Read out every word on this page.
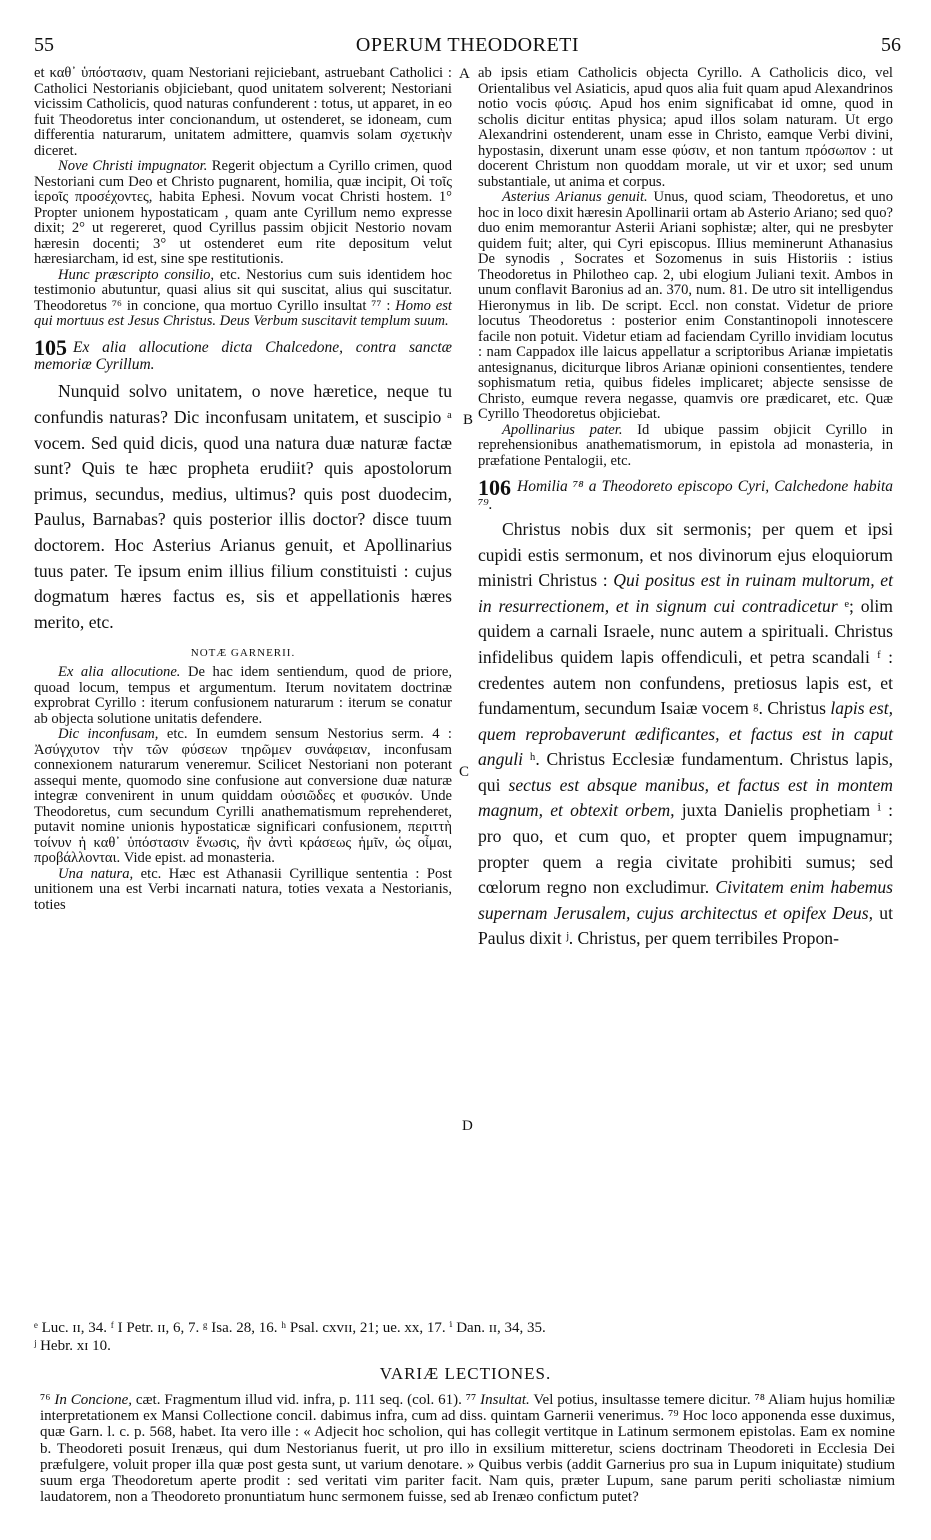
55	OPERUM THEODORETI	56
A
B
C
D

et καθ᾽ ὑπόστασιν, quam Nestoriani rejiciebant, astruebant Catholici : Catholici Nestorianis objiciebant, quod unitatem solverent; Nestoriani vicissim Catholicis, quod naturas confunderent : totus, ut apparet, in eo fuit Theodoretus inter concionandum, ut ostenderet, se idoneam, cum differentia naturarum, unitatem admittere, quamvis solam σχετικὴν diceret.

Nove Christi impugnator. Regerit objectum a Cyrillo crimen, quod Nestoriani cum Deo et Christo pugnarent, homilia, quæ incipit, Οἱ τοῖς ἱεροῖς προσέχοντες, habita Ephesi. Novum vocat Christi hostem. 1° Propter unionem hypostaticam , quam ante Cyrillum nemo expresse dixit; 2° ut regereret, quod Cyrillus passim objicit Nestorio novam hæresin docenti; 3° ut ostenderet eum rite depositum velut hæresiarcham, id est, sine spe restitutionis.

Hunc præscripto consilio, etc. Nestorius cum suis identidem hoc testimonio abutuntur, quasi alius sit qui suscitat, alius qui suscitatur. Theodoretus ⁷⁶ in concione, qua mortuo Cyrillo insultat ⁷⁷ : Homo est qui mortuus est Jesus Christus. Deus Verbum suscitavit templum suum.

105 Ex alia allocutione dicta Chalcedone, contra sanctæ memoriæ Cyrillum.
Nunquid solvo unitatem, o nove hæretice, neque tu confundis naturas? Dic inconfusam unitatem, et suscipio ᵃ vocem. Sed quid dicis, quod una natura duæ naturæ factæ sunt? Quis te hæc propheta erudiit? quis apostolorum primus, secundus, medius, ultimus? quis post duodecim, Paulus, Barnabas? quis posterior illis doctor? disce tuum doctorem. Hoc Asterius Arianus genuit, et Apollinarius tuus pater. Te ipsum enim illius filium constituisti : cujus dogmatum hæres factus es, sis et appellationis hæres merito, etc.
NOTÆ GARNERII.

Ex alia allocutione. De hac idem sentiendum, quod de priore, quoad locum, tempus et argumentum. Iterum novitatem doctrinæ exprobrat Cyrillo : iterum confusionem naturarum : iterum se conatur ab objecta solutione unitatis defendere.

Dic inconfusam, etc. In eumdem sensum Nestorius serm. 4 : Ἀσύγχυτον τὴν τῶν φύσεων τηρῶμεν συνάφειαν, inconfusam connexionem naturarum veneremur. Scilicet Nestoriani non poterant assequi mente, quomodo sine confusione aut conversione duæ naturæ integræ convenirent in unum quiddam οὐσιῶδες et φυσικόν. Unde Theodoretus, cum secundum Cyrilli anathematismum reprehenderet, putavit nomine unionis hypostaticæ significari confusionem, περιττὴ τοίνυν ἡ καθ᾽ ὑπόστασιν ἕνωσις, ἣν ἀντὶ κράσεως ἡμῖν, ὡς οἶμαι, προβάλλονται. Vide epist. ad monasteria.

Una natura, etc. Hæc est Athanasii Cyrillique sententia : Post unitionem una est Verbi incarnati natura, toties vexata a Nestorianis, toties

ab ipsis etiam Catholicis objecta Cyrillo. A Catholicis dico, vel Orientalibus vel Asiaticis, apud quos alia fuit quam apud Alexandrinos notio vocis φύσις. Apud hos enim significabat id omne, quod in scholis dicitur entitas physica; apud illos solam naturam. Ut ergo Alexandrini ostenderent, unam esse in Christo, eamque Verbi divini, hypostasin, dixerunt unam esse φύσιν, et non tantum πρόσωπον : ut docerent Christum non quoddam morale, ut vir et uxor; sed unum substantiale, ut anima et corpus.

Asterius Arianus genuit. Unus, quod sciam, Theodoretus, et uno hoc in loco dixit hæresin Apollinarii ortam ab Asterio Ariano; sed quo? duo enim memorantur Asterii Ariani sophistæ; alter, qui ne presbyter quidem fuit; alter, qui Cyri episcopus. Illius meminerunt Athanasius De synodis , Socrates et Sozomenus in suis Historiis : istius Theodoretus in Philotheo cap. 2, ubi elogium Juliani texit. Ambos in unum conflavit Baronius ad an. 370, num. 81. De utro sit intelligendus Hieronymus in lib. De script. Eccl. non constat. Videtur de priore locutus Theodoretus : posterior enim Constantinopoli innotescere facile non potuit. Videtur etiam ad faciendam Cyrillo invidiam locutus : nam Cappadox ille laicus appellatur a scriptoribus Arianæ impietatis antesignanus, diciturque libros Arianæ opinioni consentientes, tendere sophismatum retia, quibus fideles implicaret; abjecte sensisse de Christo, eumque revera negasse, quamvis ore prædicaret, etc. Quæ Cyrillo Theodoretus objiciebat.

Apollinarius pater. Id ubique passim objicit Cyrillo in reprehensionibus anathematismorum, in epistola ad monasteria, in præfatione Pentalogii, etc.

106 Homilia ⁷⁸ a Theodoreto episcopo Cyri, Calchedone habita ⁷⁹.
Christus nobis dux sit sermonis; per quem et ipsi cupidi estis sermonum, et nos divinorum ejus eloquiorum ministri Christus : Qui positus est in ruinam multorum, et in resurrectionem, et in signum cui contradicetur ᵉ; olim quidem a carnali Israele, nunc autem a spirituali. Christus infidelibus quidem lapis offendiculi, et petra scandali ᶠ : credentes autem non confundens, pretiosus lapis est, et fundamentum, secundum Isaiæ vocem ᵍ. Christus lapis est, quem reprobaverunt ædificantes, et factus est in caput anguli ʰ. Christus Ecclesiæ fundamentum. Christus lapis, qui sectus est absque manibus, et factus est in montem magnum, et obtexit orbem, juxta Danielis prophetiam ⁱ : pro quo, et cum quo, et propter quem impugnamur; propter quem a regia civitate prohibiti sumus; sed cœlorum regno non excludimur. Civitatem enim habemus supernam Jerusalem, cujus architectus et opifex Deus, ut Paulus dixit ʲ. Christus, per quem terribiles Propon-
ᵉ Luc. ɪɪ, 34. ᶠ I Petr. ɪɪ, 6, 7. ᵍ Isa. 28, 16. ʰ Psal. cxvɪɪ, 21; ue. xx, 17. ⁱ Dan. ɪɪ, 34, 35.
ʲ Hebr. xɪ 10.
VARIÆ LECTIONES.
⁷⁶ In Concione, cæt. Fragmentum illud vid. infra, p. 111 seq. (col. 61). ⁷⁷ Insultat. Vel potius, insultasse temere dicitur. ⁷⁸ Aliam hujus homiliæ interpretationem ex Mansi Collectione concil. dabimus infra, cum ad diss. quintam Garnerii venerimus. ⁷⁹ Hoc loco apponenda esse duximus, quæ Garn. l. c. p. 568, habet. Ita vero ille : « Adjecit hoc scholion, qui has collegit vertitque in Latinum sermonem epistolas. Eam ex nomine b. Theodoreti posuit Irenæus, qui dum Nestorianus fuerit, ut pro illo in exsilium mitteretur, sciens doctrinam Theodoreti in Ecclesia Dei præfulgere, voluit proper illa quæ post gesta sunt, ut varium denotare. » Quibus verbis (addit Garnerius pro sua in Lupum iniquitate) studium suum erga Theodoretum aperte prodit : sed veritati vim pariter facit. Nam quis, præter Lupum, sane parum periti scholiastæ nimium laudatorem, non a Theodoreto pronuntiatum hunc sermonem fuisse, sed ab Irenæo confictum putet?
